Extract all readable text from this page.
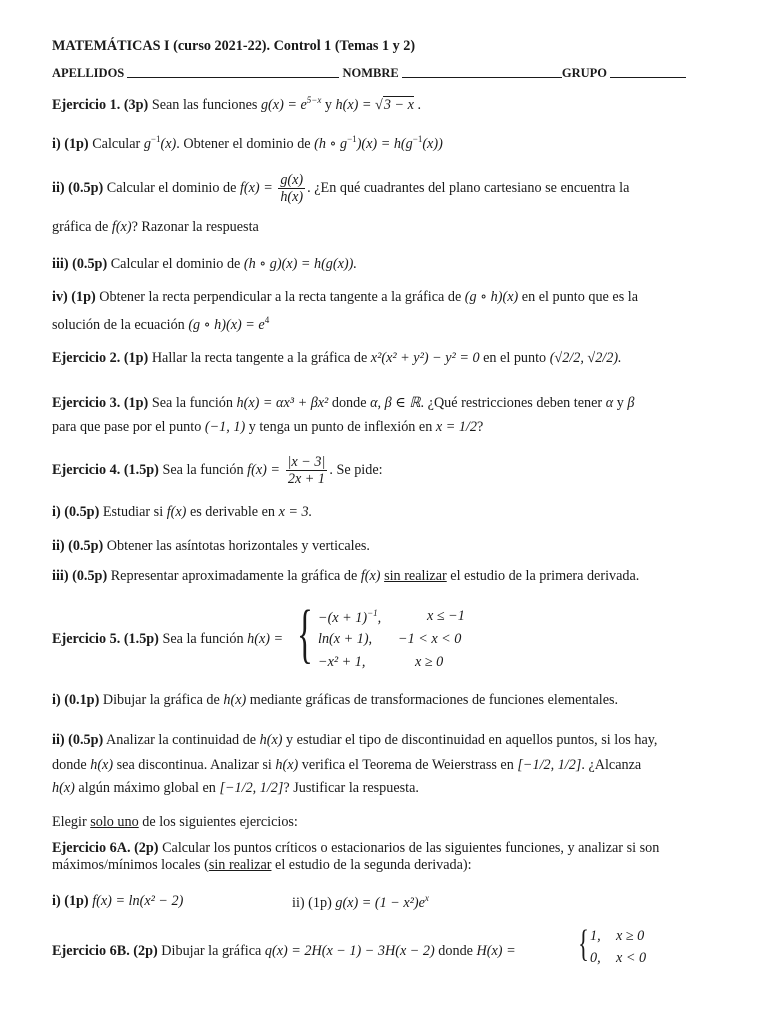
MATEMÁTICAS I (curso 2021-22). Control 1 (Temas 1 y 2)
APELLIDOS	NOMBRE	GRUPO
Ejercicio 1. (3p) Sean las funciones $g(x) = e^{5-x}$ y h(x) = √3 − x .
i) (1p) Calcular $g^{-1}(x)$. Obtener el dominio de (h ∘ $g^{-1})(x) = h(g^{-1}(x))$
ii) (0.5p) Calcular el dominio de $f(x) = \frac{g(x)}{h(x)}$ . ¿En qué cuadrantes del plano cartesiano se encuentra la
gráfica de f(x)? Razonar la respuesta
iii) (0.5p) Calcular el dominio de (h ∘ g)(x) = h(g(x)).
iv) (1p) Obtener la recta perpendicular a la recta tangente a la gráfica de (g ∘ h)(x) en el punto que es la
solución de la ecuación (g ∘ $h)(x) = e^4$
Ejercicio 2. (1p) Hallar la recta tangente a la gráfica de x²(x² + y²) − y² = 0 en el punto (√2/2, √2/2).
Ejercicio 3. (1p) Sea la función h(x) = αx³ + βx² donde α, β ∈ ℝ. ¿Qué restricciones deben tener α y β
para que pase por el punto (−1, 1) y tenga un punto de inflexión en x = 1/2?
Ejercicio 4. (1.5p) Sea la función $f(x) = \frac{|x - 3|}{2x + 1}$ . Se pide:
i) (0.5p) Estudiar si f(x) es derivable en x = 3.
ii) (0.5p) Obtener las asíntotas horizontales y verticales.
iii) (0.5p) Representar aproximadamente la gráfica de f(x) sin realizar el estudio de la primera derivada.
Ejercicio 5. (1.5p) Sea la función h(x) = { $-(x + 1)^{-1}$,	x ≤ −1
ln(x + 1), −1 < x < 0
−x² + 1,	x ≥ 0
i) (0.1p) Dibujar la gráfica de h(x) mediante gráficas de transformaciones de funciones elementales.
ii) (0.5p) Analizar la continuidad de h(x) y estudiar el tipo de discontinuidad en aquellos puntos, si los hay,
donde h(x) sea discontinua. Analizar si h(x) verifica el Teorema de Weierstrass en [−1/2, 1/2]. ¿Alcanza
h(x) algún máximo global en [−1/2, 1/2]? Justificar la respuesta.
Elegir solo uno de los siguientes ejercicios:
Ejercicio 6A. (2p) Calcular los puntos críticos o estacionarios de las siguientes funciones, y analizar si son
máximos/mínimos locales (sin realizar el estudio de la segunda derivada):
i) (1p) f(x) = ln(x² − 2)	ii) (1p) $g(x) = (1 - x^2)e^x$
Ejercicio 6B. (2p) Dibujar la gráfica q(x) = 2H(x − 1) − 3H(x − 2) donde H(x) = { 1, x ≥ 0
0, x < 0
